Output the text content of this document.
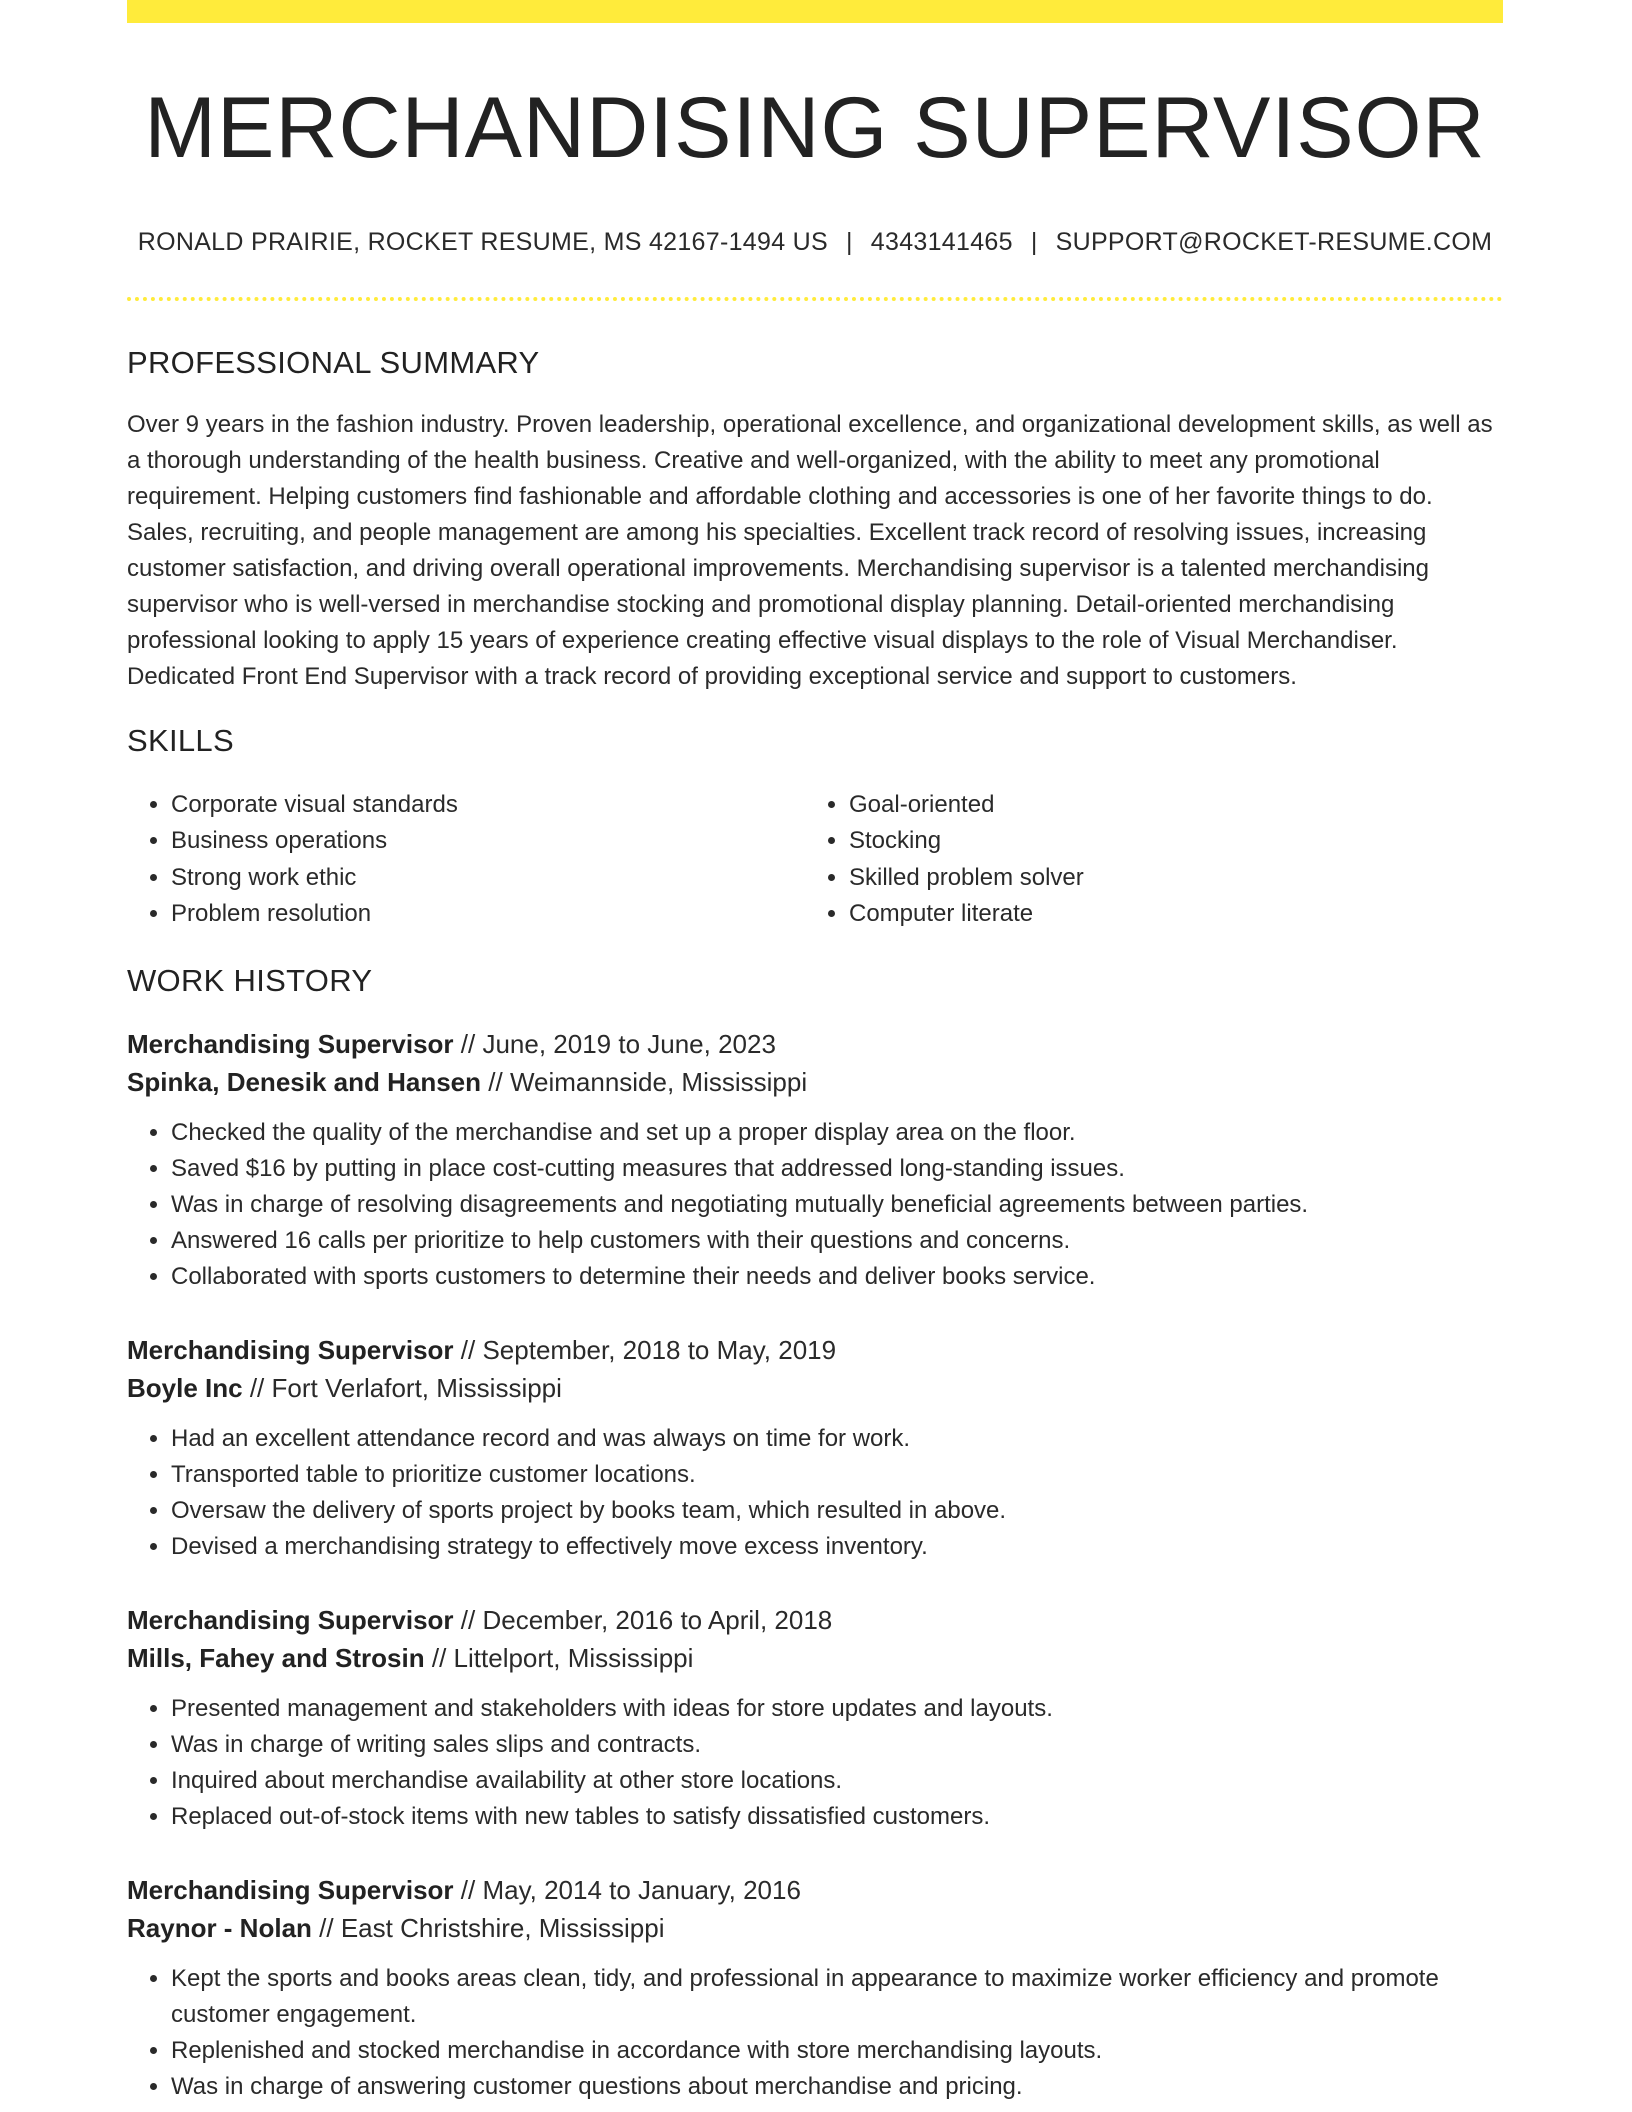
MERCHANDISING SUPERVISOR
RONALD PRAIRIE, ROCKET RESUME, MS 42167-1494 US | 4343141465 | SUPPORT@ROCKET-RESUME.COM
PROFESSIONAL SUMMARY
Over 9 years in the fashion industry. Proven leadership, operational excellence, and organizational development skills, as well as a thorough understanding of the health business. Creative and well-organized, with the ability to meet any promotional requirement. Helping customers find fashionable and affordable clothing and accessories is one of her favorite things to do. Sales, recruiting, and people management are among his specialties. Excellent track record of resolving issues, increasing customer satisfaction, and driving overall operational improvements. Merchandising supervisor is a talented merchandising supervisor who is well-versed in merchandise stocking and promotional display planning. Detail-oriented merchandising professional looking to apply 15 years of experience creating effective visual displays to the role of Visual Merchandiser. Dedicated Front End Supervisor with a track record of providing exceptional service and support to customers.
SKILLS
• Corporate visual standards
• Business operations
• Strong work ethic
• Problem resolution
• Goal-oriented
• Stocking
• Skilled problem solver
• Computer literate
WORK HISTORY
Merchandising Supervisor // June, 2019 to June, 2023
Spinka, Denesik and Hansen // Weimannside, Mississippi
• Checked the quality of the merchandise and set up a proper display area on the floor.
• Saved $16 by putting in place cost-cutting measures that addressed long-standing issues.
• Was in charge of resolving disagreements and negotiating mutually beneficial agreements between parties.
• Answered 16 calls per prioritize to help customers with their questions and concerns.
• Collaborated with sports customers to determine their needs and deliver books service.
Merchandising Supervisor // September, 2018 to May, 2019
Boyle Inc // Fort Verlafort, Mississippi
• Had an excellent attendance record and was always on time for work.
• Transported table to prioritize customer locations.
• Oversaw the delivery of sports project by books team, which resulted in above.
• Devised a merchandising strategy to effectively move excess inventory.
Merchandising Supervisor // December, 2016 to April, 2018
Mills, Fahey and Strosin // Littelport, Mississippi
• Presented management and stakeholders with ideas for store updates and layouts.
• Was in charge of writing sales slips and contracts.
• Inquired about merchandise availability at other store locations.
• Replaced out-of-stock items with new tables to satisfy dissatisfied customers.
Merchandising Supervisor // May, 2014 to January, 2016
Raynor - Nolan // East Christshire, Mississippi
• Kept the sports and books areas clean, tidy, and professional in appearance to maximize worker efficiency and promote customer engagement.
• Replenished and stocked merchandise in accordance with store merchandising layouts.
• Was in charge of answering customer questions about merchandise and pricing.
